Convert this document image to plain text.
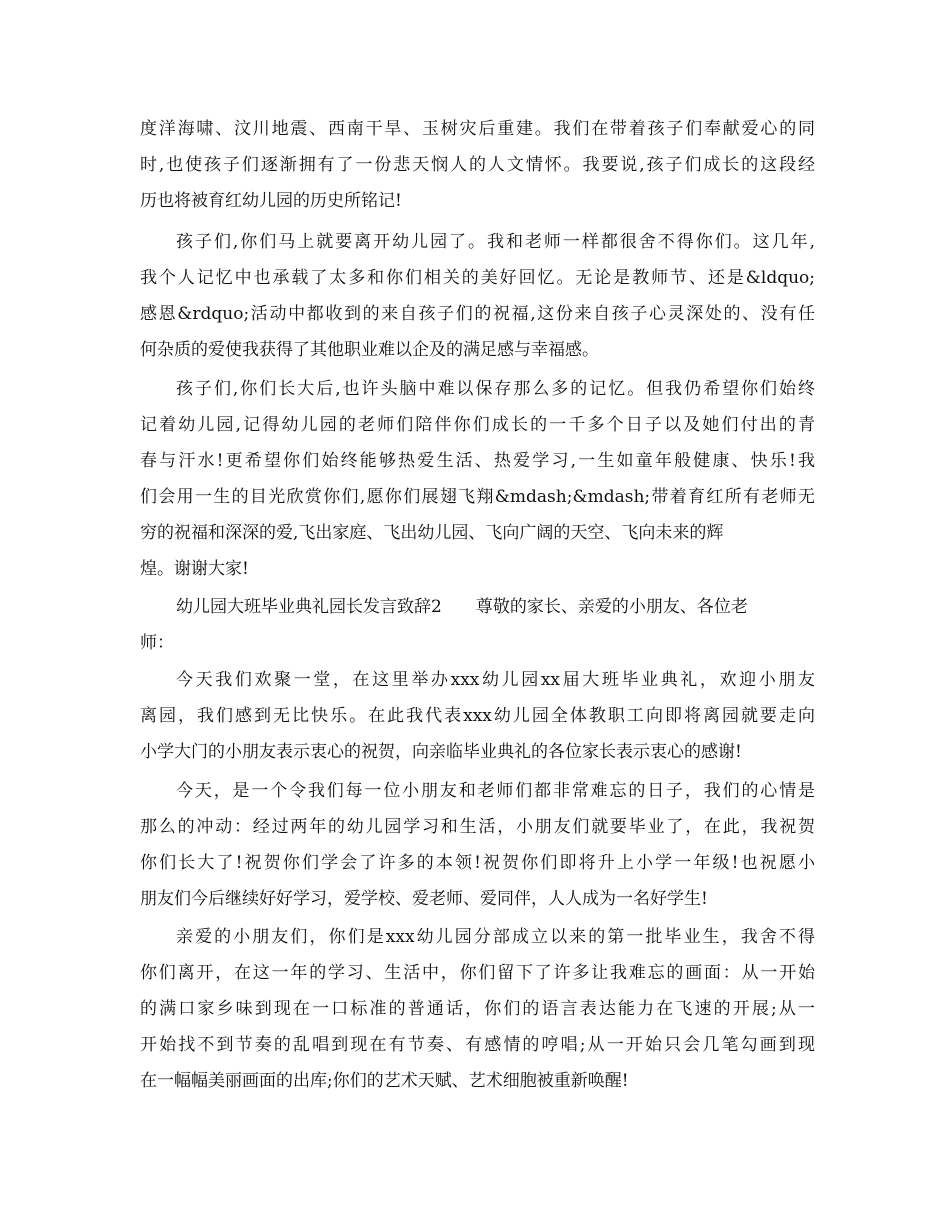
度洋海啸、汶川地震、西南干旱、玉树灾后重建。我们在带着孩子们奉献爱心的同
时,也使孩子们逐渐拥有了一份悲天悯人的人文情怀。我要说,孩子们成长的这段经
历也将被育红幼儿园的历史所铭记!
孩子们,你们马上就要离开幼儿园了。我和老师一样都很舍不得你们。这几年,
我个人记忆中也承载了太多和你们相关的美好回忆。无论是教师节、还是&ldquo;
感恩&rdquo;活动中都收到的来自孩子们的祝福,这份来自孩子心灵深处的、没有任
何杂质的爱使我获得了其他职业难以企及的满足感与幸福感。
孩子们,你们长大后,也许头脑中难以保存那么多的记忆。但我仍希望你们始终
记着幼儿园,记得幼儿园的老师们陪伴你们成长的一千多个日子以及她们付出的青
春与汗水!更希望你们始终能够热爱生活、热爱学习,一生如童年般健康、快乐!我
们会用一生的目光欣赏你们,愿你们展翅飞翔&mdash;&mdash;带着育红所有老师无
穷的祝福和深深的爱,飞出家庭、飞出幼儿园、飞向广阔的天空、飞向未来的辉
煌。谢谢大家!
幼儿园大班毕业典礼园长发言致辞2　　尊敬的家长、亲爱的小朋友、各位老
师：
今天我们欢聚一堂，在这里举办xxx幼儿园xx届大班毕业典礼，欢迎小朋友
离园，我们感到无比快乐。在此我代表xxx幼儿园全体教职工向即将离园就要走向
小学大门的小朋友表示衷心的祝贺，向亲临毕业典礼的各位家长表示衷心的感谢!
今天，是一个令我们每一位小朋友和老师们都非常难忘的日子，我们的心情是
那么的冲动：经过两年的幼儿园学习和生活，小朋友们就要毕业了，在此，我祝贺
你们长大了!祝贺你们学会了许多的本领!祝贺你们即将升上小学一年级!也祝愿小
朋友们今后继续好好学习，爱学校、爱老师、爱同伴，人人成为一名好学生!
亲爱的小朋友们，你们是xxx幼儿园分部成立以来的第一批毕业生，我舍不得
你们离开，在这一年的学习、生活中，你们留下了许多让我难忘的画面：从一开始
的满口家乡味到现在一口标准的普通话，你们的语言表达能力在飞速的开展;从一
开始找不到节奏的乱唱到现在有节奏、有感情的哼唱;从一开始只会几笔勾画到现
在一幅幅美丽画面的出库;你们的艺术天赋、艺术细胞被重新唤醒!
